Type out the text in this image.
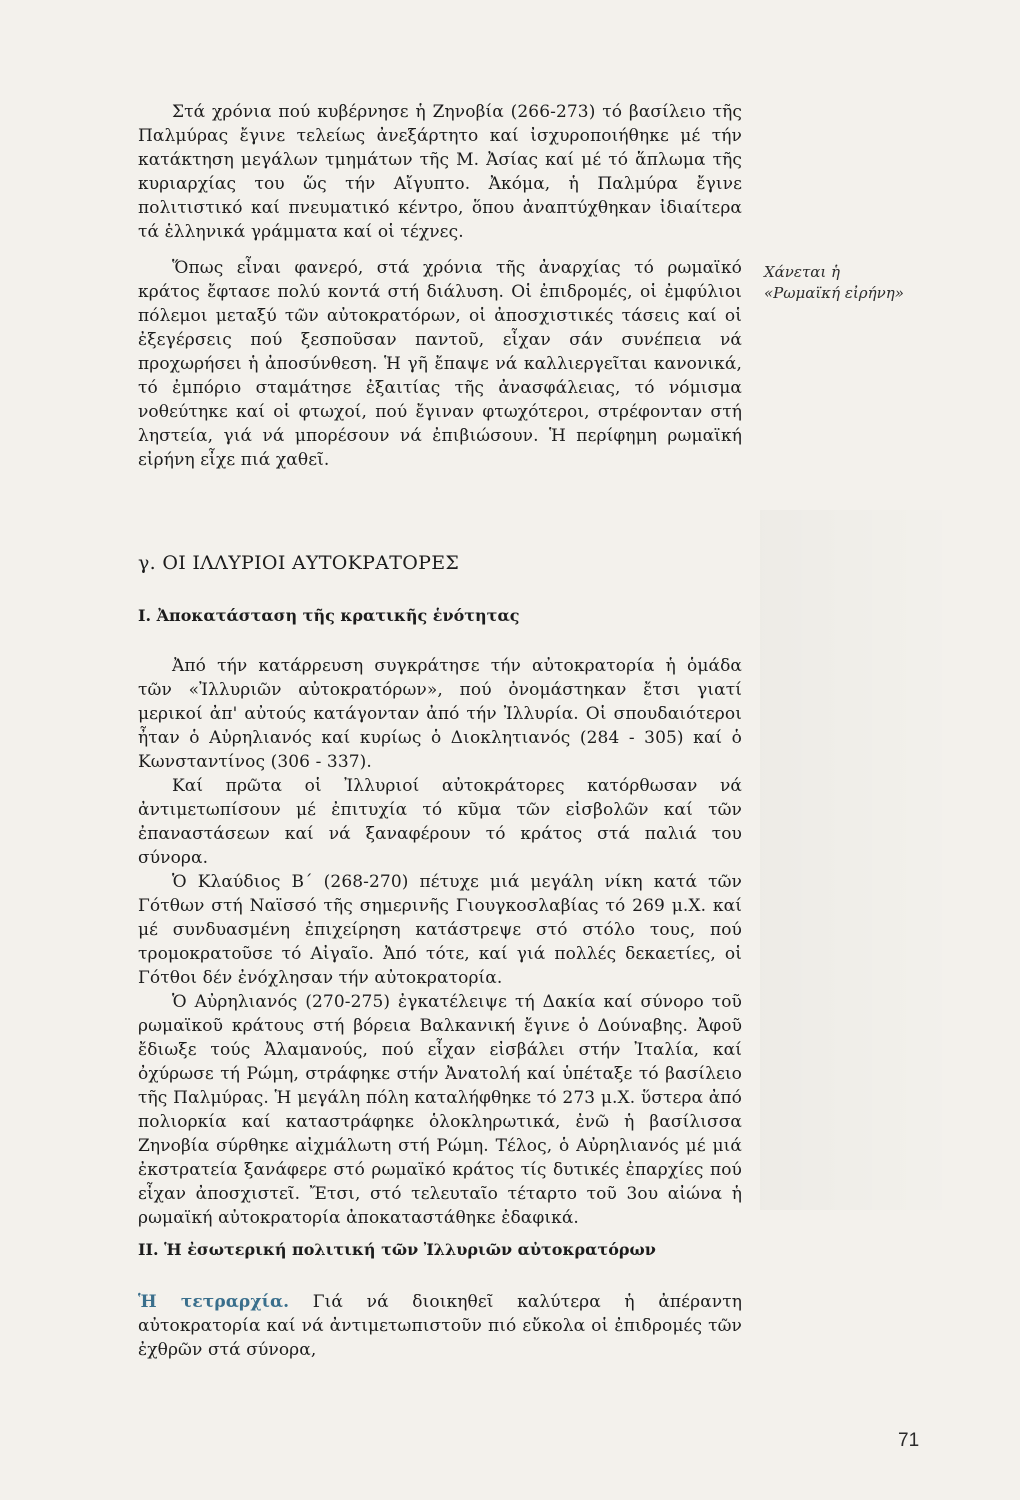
Στά χρόνια πού κυβέρνησε ἡ Ζηνοβία (266-273) τό βασίλειο τῆς Παλμύρας ἔγινε τελείως ἀνεξάρτητο καί ἰσχυροποιήθηκε μέ τήν κατάκτηση μεγάλων τμημάτων τῆς Μ. Ἀσίας καί μέ τό ἅπλωμα τῆς κυριαρχίας του ὥς τήν Αἴγυπτο. Ἀκόμα, ἡ Παλμύρα ἔγινε πολιτιστικό καί πνευματικό κέντρο, ὅπου ἀναπτύχθηκαν ἰδιαίτερα τά ἑλληνικά γράμματα καί οἱ τέχνες.

Ὅπως εἶναι φανερό, στά χρόνια τῆς ἀναρχίας τό ρωμαϊκό κράτος ἔφτασε πολύ κοντά στή διάλυση. Οἱ ἐπιδρομές, οἱ ἐμφύλιοι πόλεμοι μεταξύ τῶν αὐτοκρατόρων, οἱ ἀποσχιστικές τάσεις καί οἱ ἐξεγέρσεις πού ξεσποῦσαν παντοῦ, εἶχαν σάν συνέπεια νά προχωρήσει ἡ ἀποσύνθεση. Ἡ γῆ ἔπαψε νά καλλιεργεῖται κανονικά, τό ἐμπόριο σταμάτησε ἐξαιτίας τῆς ἀνασφάλειας, τό νόμισμα νοθεύτηκε καί οἱ φτωχοί, πού ἔγιναν φτωχότεροι, στρέφονταν στή ληστεία, γιά νά μπορέσουν νά ἐπιβιώσουν. Ἡ περίφημη ρωμαϊκή εἰρήνη εἶχε πιά χαθεῖ.

Χάνεται ἡ «Ρωμαϊκή εἰρήνη»
γ. ΟΙ ΙΛΛΥΡΙΟΙ ΑΥΤΟΚΡΑΤΟΡΕΣ
Ι. Ἀποκατάσταση τῆς κρατικῆς ἑνότητας

Ἀπό τήν κατάρρευση συγκράτησε τήν αὐτοκρατορία ἡ ὁμάδα τῶν «Ἰλλυριῶν αὐτοκρατόρων», πού ὀνομάστηκαν ἔτσι γιατί μερικοί ἀπ' αὐτούς κατάγονταν ἀπό τήν Ἰλλυρία. Οἱ σπουδαιότεροι ἦταν ὁ Αὐρηλιανός καί κυρίως ὁ Διοκλητιανός (284 - 305) καί ὁ Κωνσταντίνος (306 - 337).

Καί πρῶτα οἱ Ἰλλυριοί αὐτοκράτορες κατόρθωσαν νά ἀντιμετωπίσουν μέ ἐπιτυχία τό κῦμα τῶν εἰσβολῶν καί τῶν ἐπαναστάσεων καί νά ξαναφέρουν τό κράτος στά παλιά του σύνορα.

Ὁ Κλαύδιος Β΄ (268-270) πέτυχε μιά μεγάλη νίκη κατά τῶν Γότθων στή Ναϊσσό τῆς σημερινῆς Γιουγκοσλαβίας τό 269 μ.Χ. καί μέ συνδυασμένη ἐπιχείρηση κατάστρεψε στό στόλο τους, πού τρομοκρατοῦσε τό Αἰγαῖο. Ἀπό τότε, καί γιά πολλές δεκαετίες, οἱ Γότθοι δέν ἐνόχλησαν τήν αὐτοκρατορία.

Ὁ Αὐρηλιανός (270-275) ἐγκατέλειψε τή Δακία καί σύνορο τοῦ ρωμαϊκοῦ κράτους στή βόρεια Βαλκανική ἔγινε ὁ Δούναβης. Ἀφοῦ ἔδιωξε τούς Ἀλαμανούς, πού εἶχαν εἰσβάλει στήν Ἰταλία, καί ὀχύρωσε τή Ρώμη, στράφηκε στήν Ἀνατολή καί ὑπέταξε τό βασίλειο τῆς Παλμύρας. Ἡ μεγάλη πόλη καταλήφθηκε τό 273 μ.Χ. ὕστερα ἀπό πολιορκία καί καταστράφηκε ὁλοκληρωτικά, ἐνῶ ἡ βασίλισσα Ζηνοβία σύρθηκε αἰχμάλωτη στή Ρώμη. Τέλος, ὁ Αὐρηλιανός μέ μιά ἐκστρατεία ξανάφερε στό ρωμαϊκό κράτος τίς δυτικές ἐπαρχίες πού εἶχαν ἀποσχιστεῖ. Ἔτσι, στό τελευταῖο τέταρτο τοῦ 3ου αἰώνα ἡ ρωμαϊκή αὐτοκρατορία ἀποκαταστάθηκε ἐδαφικά.

ΙΙ. Ἡ ἐσωτερική πολιτική τῶν Ἰλλυριῶν αὐτοκρατόρων

Ἡ τετραρχία. Γιά νά διοικηθεῖ καλύτερα ἡ ἀπέραντη αὐτοκρατορία καί νά ἀντιμετωπιστοῦν πιό εὔκολα οἱ ἐπιδρομές τῶν ἐχθρῶν στά σύνορα,

71
